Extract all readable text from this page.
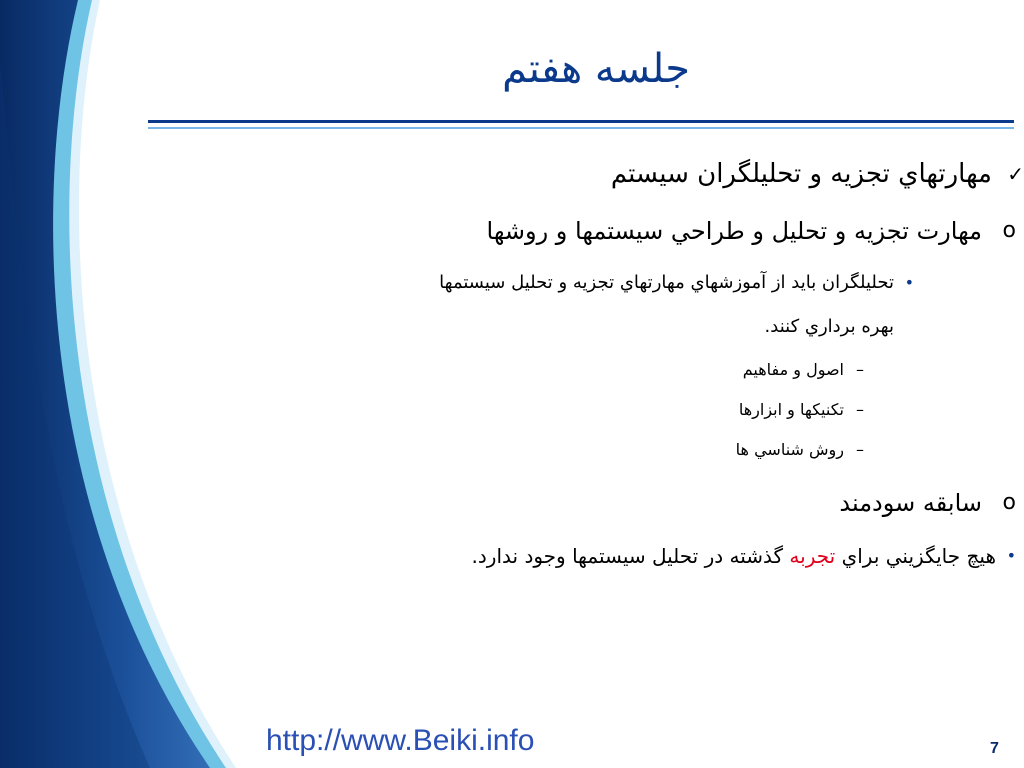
جلسه هفتم
✓
مهارتهاي تجزيه و تحليلگران سيستم
o
مهارت تجزيه و تحليل و طراحي سيستمها و روشها
•
تحليلگران بايد از آموزشهاي مهارتهاي تجزيه و تحليل سيستمها
بهره برداري کنند.
–
اصول و مفاهيم
–
تکنيکها و ابزارها
–
روش شناسي ها
o
سابقه سودمند
•
هيچ جايگزيني براي تجربه گذشته در تحليل سيستمها وجود ندارد.
http://www.Beiki.info	7
